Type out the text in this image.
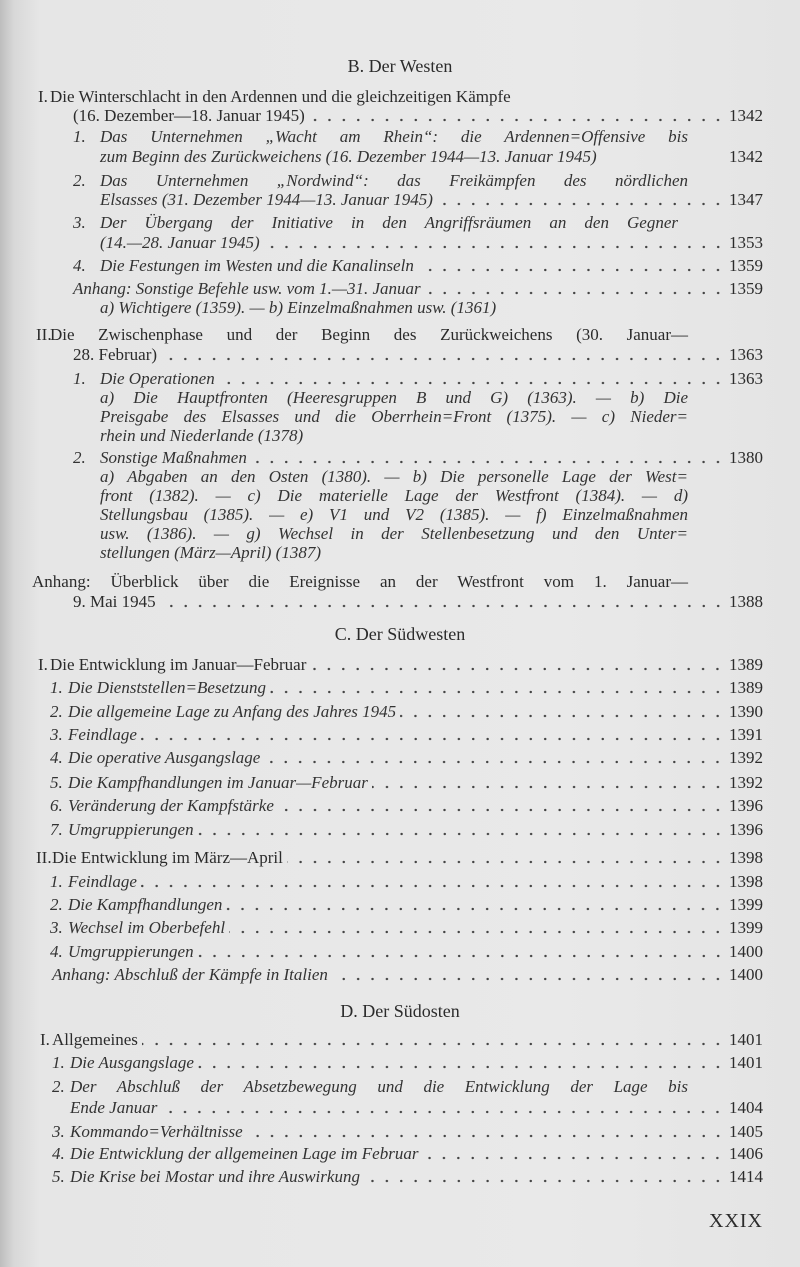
B. Der Westen
I. Die Winterschlacht in den Ardennen und die gleichzeitigen Kämpfe
(16. Dezember—18. Januar 1945)	1342
1. Das Unternehmen „Wacht am Rhein“: die Ardennen=Offensive bis
zum Beginn des Zurückweichens (16. Dezember 1944—13. Januar 1945)	1342
2. Das Unternehmen „Nordwind“: das Freikämpfen des nördlichen
Elsasses (31. Dezember 1944—13. Januar 1945)	1347
3. Der Übergang der Initiative in den Angriffsräumen an den Gegner
(14.—28. Januar 1945)	1353
4. Die Festungen im Westen und die Kanalinseln	1359
Anhang: Sonstige Befehle usw. vom 1.—31. Januar	1359
a) Wichtigere (1359). — b) Einzelmaßnahmen usw. (1361)
II.
Die Zwischenphase und der Beginn des Zurückweichens (30. Januar—
28. Februar)	1363
1. Die Operationen	1363
a) Die Hauptfronten (Heeresgruppen B und G) (1363). — b) Die
Preisgabe des Elsasses und die Oberrhein=Front (1375). — c) Nieder=
rhein und Niederlande (1378)
2. Sonstige Maßnahmen	1380
a) Abgaben an den Osten (1380). — b) Die personelle Lage der West=
front (1382). — c) Die materielle Lage der Westfront (1384). — d)
Stellungsbau (1385). — e) V1 und V2 (1385). — f) Einzelmaßnahmen
usw. (1386). — g) Wechsel in der Stellenbesetzung und den Unter=
stellungen (März—April) (1387)
Anhang: Überblick über die Ereignisse an der Westfront vom 1. Januar—
9. Mai 1945	1388
C. Der Südwesten
I. Die Entwicklung im Januar—Februar	1389
1. Die Dienststellen=Besetzung	1389
2. Die allgemeine Lage zu Anfang des Jahres 1945	1390
3. Feindlage	1391
4. Die operative Ausgangslage	1392
5. Die Kampfhandlungen im Januar—Februar	1392
6. Veränderung der Kampfstärke	1396
7. Umgruppierungen	1396
II. Die Entwicklung im März—April	1398
1. Feindlage	1398
2. Die Kampfhandlungen	1399
3. Wechsel im Oberbefehl	1399
4. Umgruppierungen	1400
Anhang: Abschluß der Kämpfe in Italien	1400
D. Der Südosten
I. Allgemeines	1401
1. Die Ausgangslage	1401
2. Der Abschluß der Absetzbewegung und die Entwicklung der Lage bis
Ende Januar	1404
3. Kommando=Verhältnisse	1405
4. Die Entwicklung der allgemeinen Lage im Februar	1406
5. Die Krise bei Mostar und ihre Auswirkung	1414
XXIX
